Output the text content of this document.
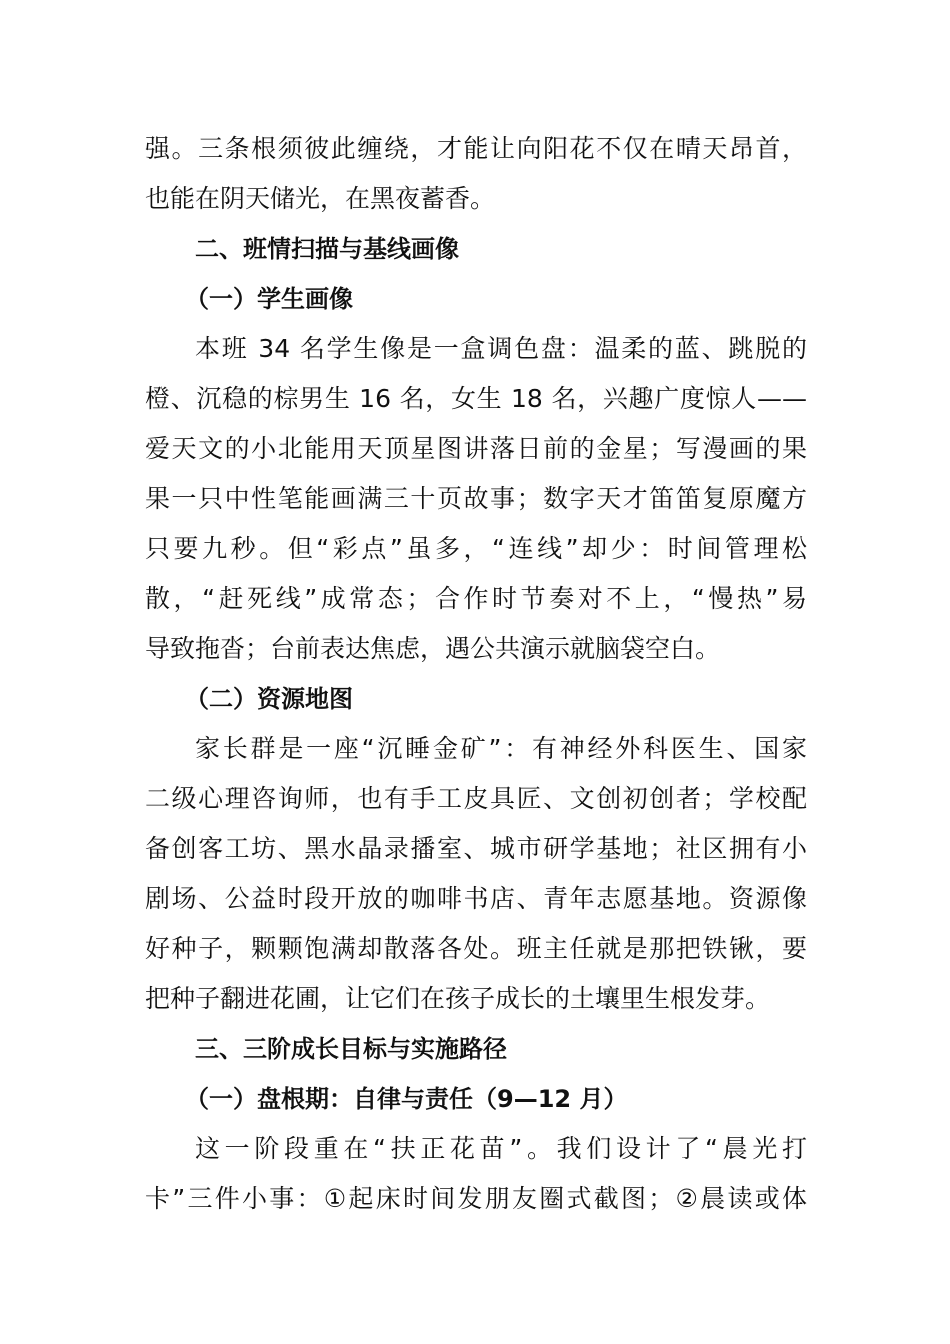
强。三条根须彼此缠绕，才能让向阳花不仅在晴天昂首，
也能在阴天储光，在黑夜蓄香。
二、班情扫描与基线画像
（一）学生画像
本班 34 名学生像是一盒调色盘：温柔的蓝、跳脱的
橙、沉稳的棕男生 16 名，女生 18 名，兴趣广度惊人——
爱天文的小北能用天顶星图讲落日前的金星；写漫画的果
果一只中性笔能画满三十页故事；数字天才笛笛复原魔方
只要九秒。但“彩点”虽多，“连线”却少：时间管理松
散，“赶死线”成常态；合作时节奏对不上，“慢热”易
导致拖沓；台前表达焦虑，遇公共演示就脑袋空白。
（二）资源地图
家长群是一座“沉睡金矿”：有神经外科医生、国家
二级心理咨询师，也有手工皮具匠、文创初创者；学校配
备创客工坊、黑水晶录播室、城市研学基地；社区拥有小
剧场、公益时段开放的咖啡书店、青年志愿基地。资源像
好种子，颗颗饱满却散落各处。班主任就是那把铁锹，要
把种子翻进花圃，让它们在孩子成长的土壤里生根发芽。
三、三阶成长目标与实施路径
（一）盘根期：自律与责任（9—12 月）
这一阶段重在“扶正花苗”。我们设计了“晨光打
卡”三件小事：①起床时间发朋友圈式截图；②晨读或体
